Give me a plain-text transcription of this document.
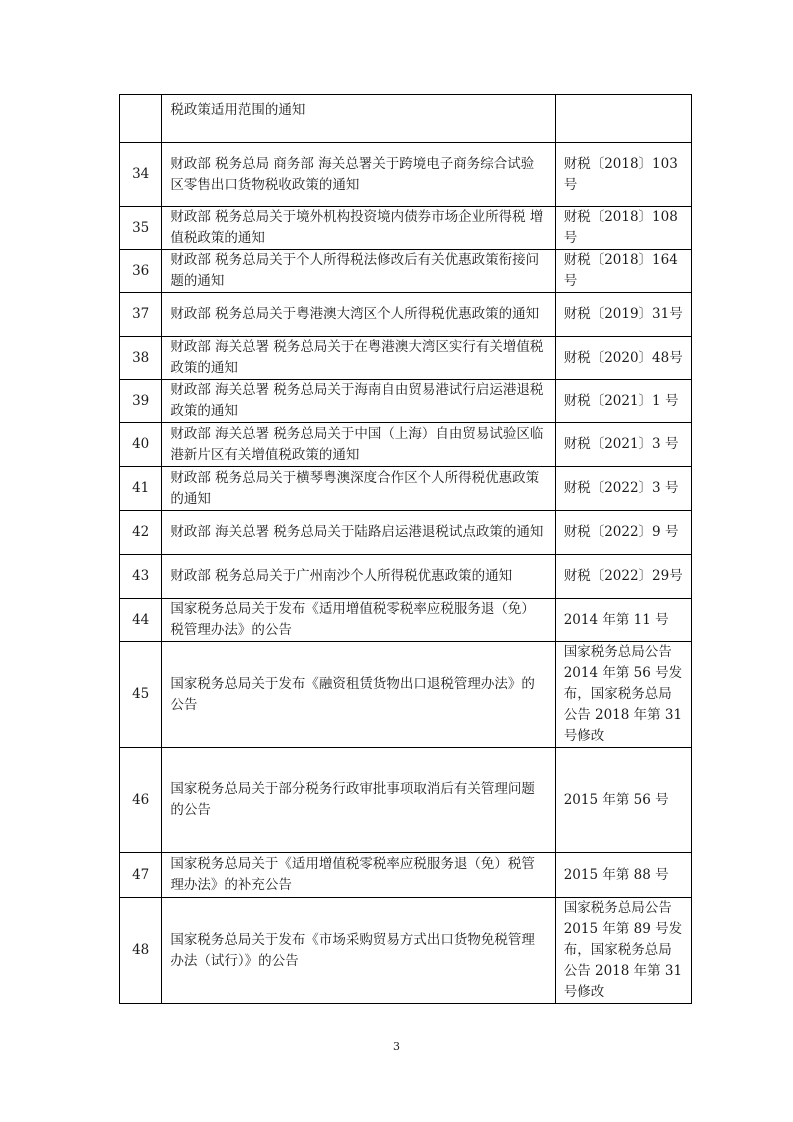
	税政策适用范围的通知	
34	财政部 税务总局 商务部 海关总署关于跨境电子商务综合试验区零售出口货物税收政策的通知	财税〔2018〕103号
35	财政部 税务总局关于境外机构投资境内债券市场企业所得税 增值税政策的通知	财税〔2018〕108号
36	财政部 税务总局关于个人所得税法修改后有关优惠政策衔接问题的通知	财税〔2018〕164号
37	财政部 税务总局关于粤港澳大湾区个人所得税优惠政策的通知	财税〔2019〕31号
38	财政部 海关总署 税务总局关于在粤港澳大湾区实行有关增值税政策的通知	财税〔2020〕48号
39	财政部 海关总署 税务总局关于海南自由贸易港试行启运港退税政策的通知	财税〔2021〕1 号
40	财政部 海关总署 税务总局关于中国（上海）自由贸易试验区临港新片区有关增值税政策的通知	财税〔2021〕3 号
41	财政部 税务总局关于横琴粤澳深度合作区个人所得税优惠政策的通知	财税〔2022〕3 号
42	财政部 海关总署 税务总局关于陆路启运港退税试点政策的通知	财税〔2022〕9 号
43	财政部 税务总局关于广州南沙个人所得税优惠政策的通知	财税〔2022〕29号
44	国家税务总局关于发布《适用增值税零税率应税服务退（免）税管理办法》的公告	2014 年第 11 号
45	国家税务总局关于发布《融资租赁货物出口退税管理办法》的公告	国家税务总局公告 2014 年第 56 号发布，国家税务总局公告 2018 年第 31 号修改
46	国家税务总局关于部分税务行政审批事项取消后有关管理问题的公告	2015 年第 56 号
47	国家税务总局关于《适用增值税零税率应税服务退（免）税管理办法》的补充公告	2015 年第 88 号
48	国家税务总局关于发布《市场采购贸易方式出口货物免税管理办法（试行）》的公告	国家税务总局公告 2015 年第 89 号发布，国家税务总局公告 2018 年第 31 号修改
3
